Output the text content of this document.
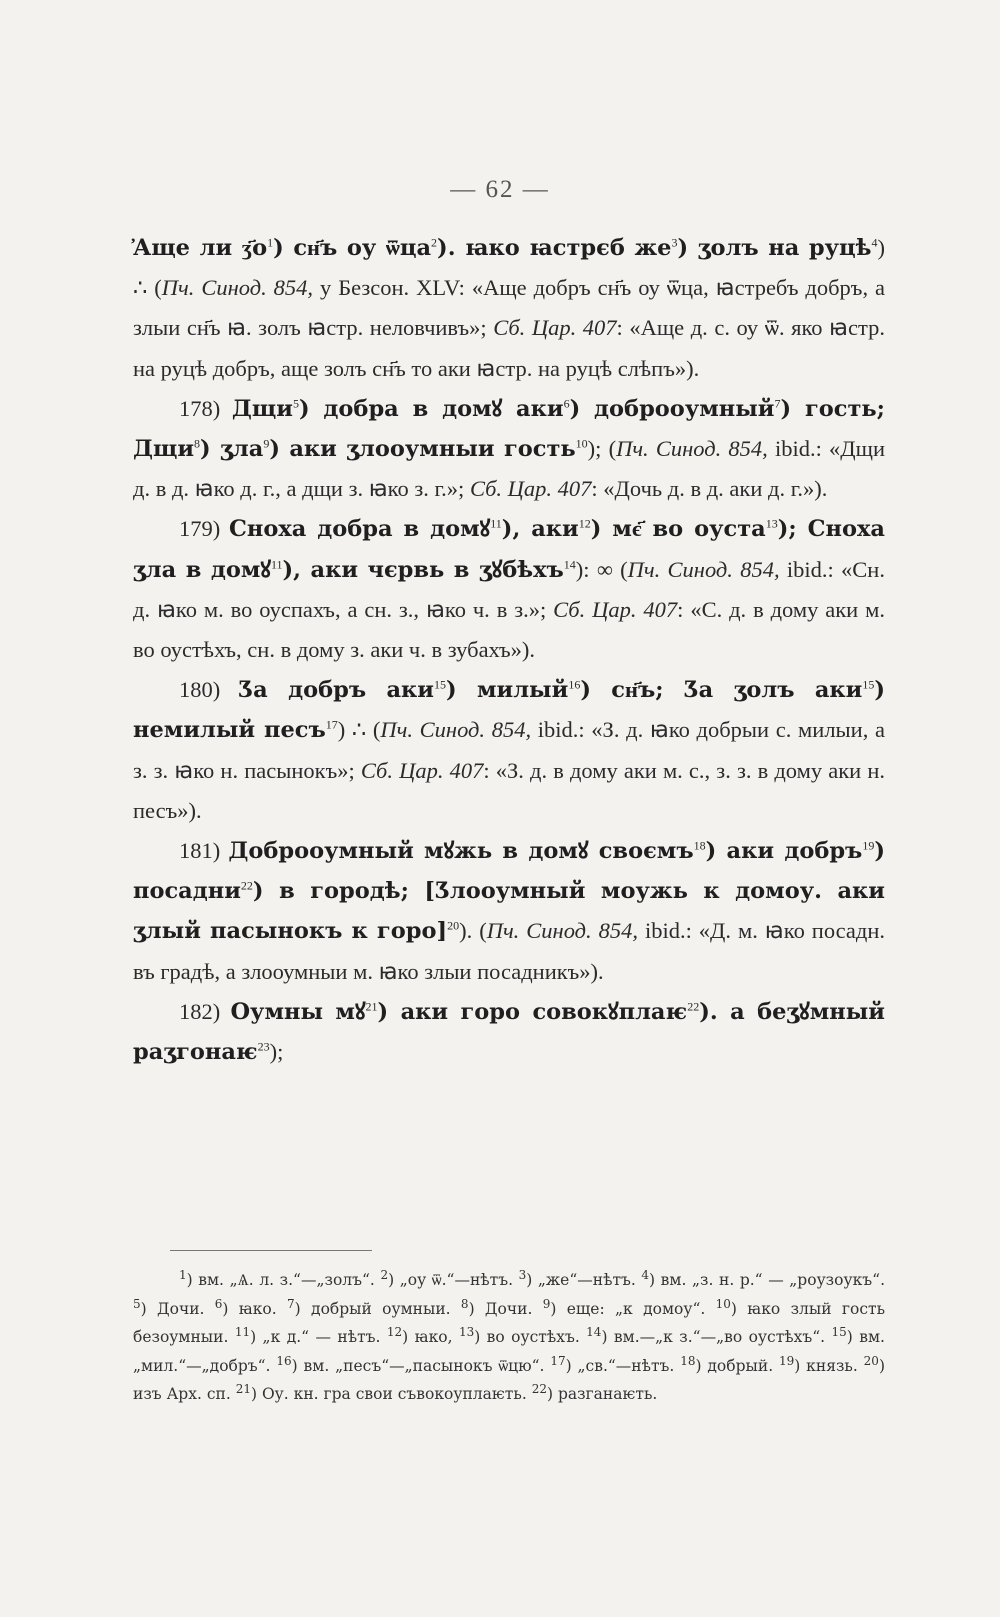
— 62 —

҆Аще ли $ӡ҃о^1$) сн҃ъ оу ѿца$^2$). ꙗко ꙗстрєб $же^3$) ӡолъ на руцѣ$^4$) ∴ (Пч. Синод. 854, у Безсон. XLV: «Аще добръ сн҃ъ оу ѿца, ꙗстребъ добръ, а злыи сн҃ъ ꙗ. золъ ꙗстр. неловчивъ»; Сб. Цар. 407: «Аще д. с. оу ѿ. яко ꙗстр. на руцѣ добръ, аще золъ сн҃ъ то аки ꙗстр. на руцѣ слѣпъ»).

178) Дщи$^5$) добра в домꙋ аки$^6$) доброоумный$^7$) гость; Дщи$^8$) ӡла$^9$) аки ӡлооумныи гость$^{10}$); (Пч. Синод. 854, ibid.: «Дщи д. в д. ꙗко д. г., а дщи з. ꙗко з. г.»; Сб. Цар. 407: «Дочь д. в д. аки д. г.»).

179) Сноха добра в домꙋ$^{11}$), аки$^{12}$) мє҃ во оуста$^{13}$); Сноха ӡла в домꙋ$^{11}$), аки чєрвь в ӡꙋбѣхъ$^{14}$): ∞ (Пч. Синод. 854, ibid.: «Сн. д. ꙗко м. во оуспахъ, а сн. з., ꙗко ч. в з.»; Сб. Цар. 407: «С. д. в дому аки м. во оустѣхъ, сн. в дому з. аки ч. в зубахъ»).

180) Ӡа добръ аки$^{15}$) милый$^{16}$) сн҃ъ; Ӡа ӡолъ аки$^{15}$) немилый песъ$^{17}$) ∴ (Пч. Синод. 854, ibid.: «З. д. ꙗко добрыи с. милыи, а з. з. ꙗко н. пасынокъ»; Сб. Цар. 407: «З. д. в дому аки м. с., з. з. в дому аки н. песъ»).

181) Доброоумный мꙋжь в домꙋ своємъ$^{18}$) аки добръ$^{19}$) посадни$^{22}$) в городѣ; [Ӡлооумный моужь к домоу. аки ӡлый пасынокъ к горо]$^{20}$). (Пч. Синод. 854, ibid.: «Д. м. ꙗко посадн. въ градѣ, а злооумныи м. ꙗко злыи посадникъ»).

182) Оумны мꙋ$^{21}$) аки горо совокꙋплаѥ$^{22}$). а беӡꙋмный раӡгонаѥ$^{23}$);

$^1$) вм. „Ѧ. л. з.“—„золъ“. $^2$) „оу ѿ.“—нѣтъ. $^3$) „же“—нѣтъ. $^4$) вм. „з. н. р.“ — „роузоукъ“. $^5$) Дочи. $^6$) ꙗко. $^7$) добрый оумныи. $^8$) Дочи. $^9$) еще: „к домоу“. $^{10}$) ꙗко злый гость безоумныи. $^{11}$) „к д.“ — нѣтъ. $^{12}$) ꙗко, $^{13}$) во оустѣхъ. $^{14}$) вм.—„к з.“—„во оустѣхъ“. $^{15}$) вм. „мил.“—„добръ“. $^{16}$) вм. „песъ“—„пасынокъ ѿцю“. $^{17}$) „св.“—нѣтъ. $^{18}$) добрый. $^{19}$) князь. $^{20}$) изъ Арх. сп. $^{21}$) Оу. кн. гра свои съвокоуплаѥть. $^{22}$) разганаѥть.
